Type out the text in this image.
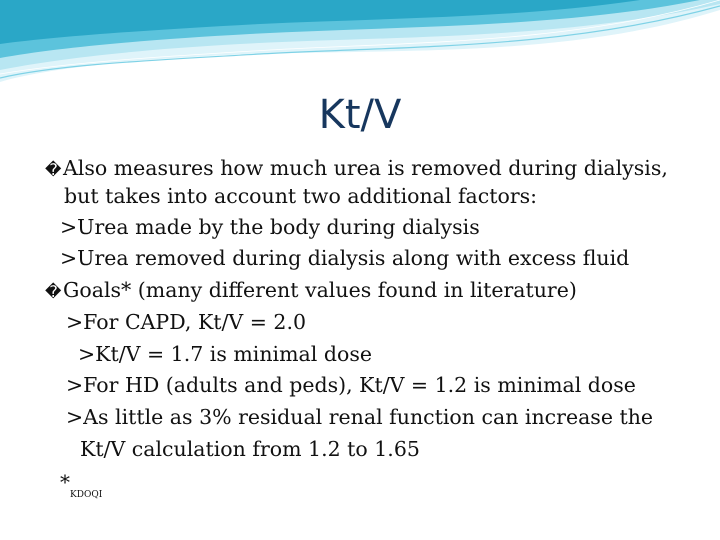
Kt/V
�Also measures how much urea is removed during dialysis,
but takes into account two additional factors:
>Urea made by the body during dialysis
>Urea removed during dialysis along with excess fluid
�Goals* (many different values found in literature)
>For CAPD, Kt/V = 2.0
>Kt/V = 1.7 is minimal dose
>For HD (adults and peds), Kt/V = 1.2 is minimal dose
>As little as 3% residual renal function can increase the
Kt/V calculation from 1.2 to 1.65
$*_{KDOQI}$
